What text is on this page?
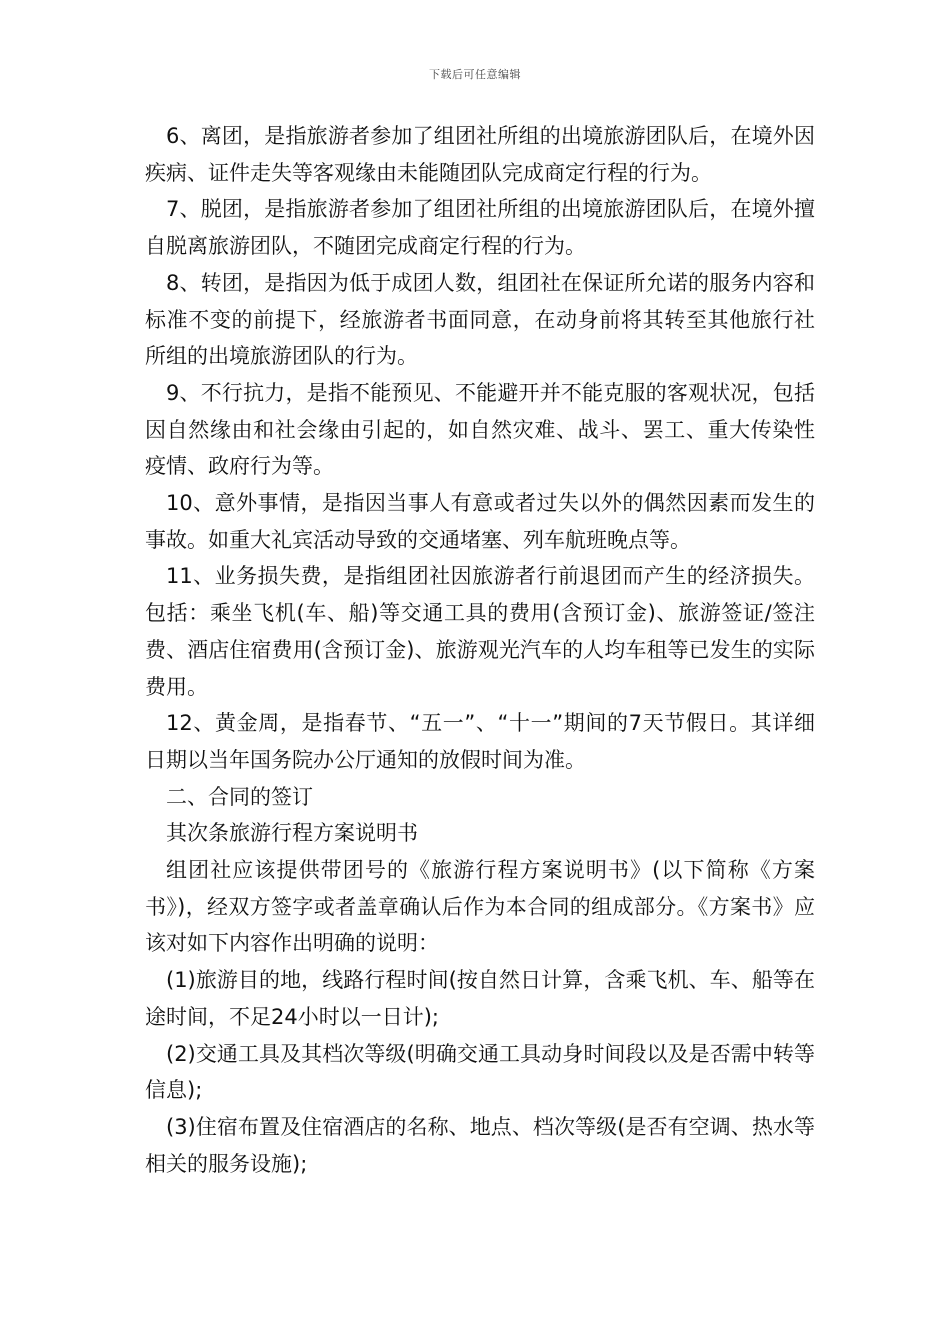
下载后可任意编辑

6、离团，是指旅游者参加了组团社所组的出境旅游团队后，在境外因疾病、证件走失等客观缘由未能随团队完成商定行程的行为。

7、脱团，是指旅游者参加了组团社所组的出境旅游团队后，在境外擅自脱离旅游团队，不随团完成商定行程的行为。

8、转团，是指因为低于成团人数，组团社在保证所允诺的服务内容和标准不变的前提下，经旅游者书面同意，在动身前将其转至其他旅行社所组的出境旅游团队的行为。

9、不行抗力，是指不能预见、不能避开并不能克服的客观状况，包括因自然缘由和社会缘由引起的，如自然灾难、战斗、罢工、重大传染性疫情、政府行为等。

10、意外事情，是指因当事人有意或者过失以外的偶然因素而发生的事故。如重大礼宾活动导致的交通堵塞、列车航班晚点等。

11、业务损失费，是指组团社因旅游者行前退团而产生的经济损失。包括：乘坐飞机(车、船)等交通工具的费用(含预订金)、旅游签证/签注费、酒店住宿费用(含预订金)、旅游观光汽车的人均车租等已发生的实际费用。

12、黄金周，是指春节、“五一”、“十一”期间的7天节假日。其详细日期以当年国务院办公厅通知的放假时间为准。

二、合同的签订

其次条旅游行程方案说明书

组团社应该提供带团号的《旅游行程方案说明书》(以下简称《方案书》)，经双方签字或者盖章确认后作为本合同的组成部分。《方案书》应该对如下内容作出明确的说明：

(1)旅游目的地，线路行程时间(按自然日计算，含乘飞机、车、船等在途时间，不足24小时以一日计);

(2)交通工具及其档次等级(明确交通工具动身时间段以及是否需中转等信息);

(3)住宿布置及住宿酒店的名称、地点、档次等级(是否有空调、热水等相关的服务设施);
